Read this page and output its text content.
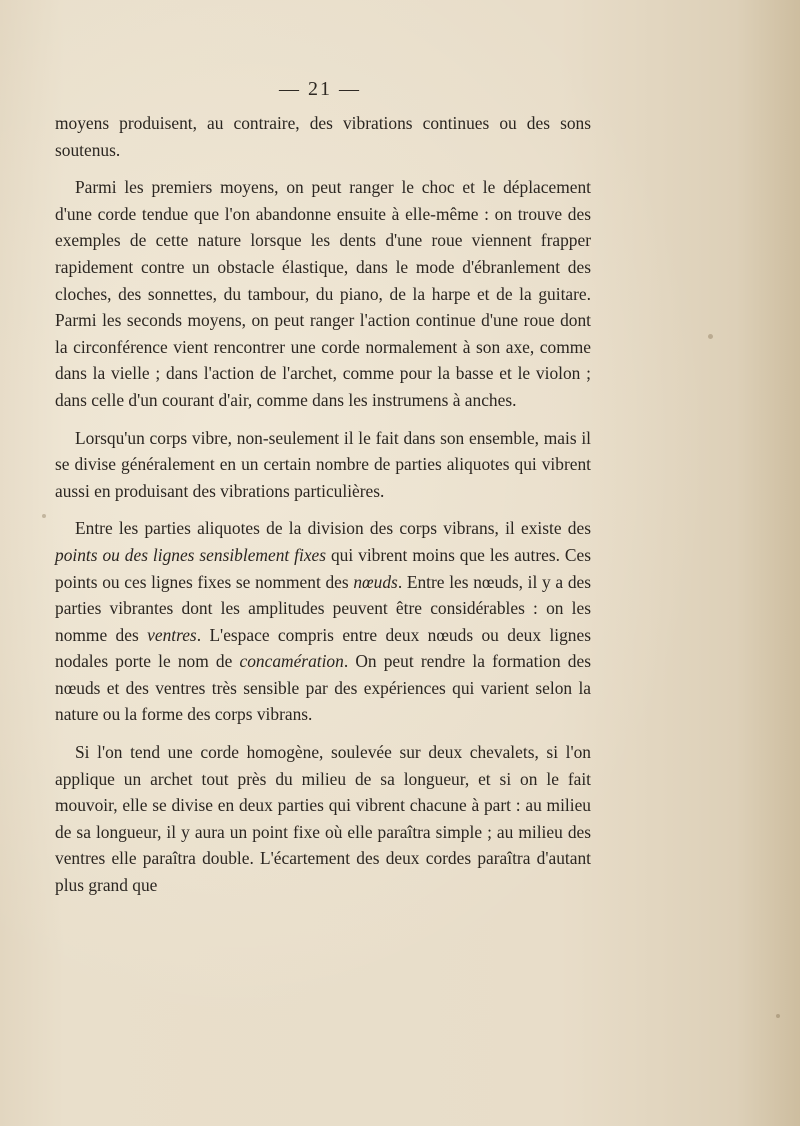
— 21 —

moyens produisent, au contraire, des vibrations continues ou des sons soutenus.

Parmi les premiers moyens, on peut ranger le choc et le déplacement d'une corde tendue que l'on abandonne ensuite à elle-même : on trouve des exemples de cette nature lorsque les dents d'une roue viennent frapper rapidement contre un obstacle élastique, dans le mode d'ébranlement des cloches, des sonnettes, du tambour, du piano, de la harpe et de la guitare. Parmi les seconds moyens, on peut ranger l'action continue d'une roue dont la circonférence vient rencontrer une corde normalement à son axe, comme dans la vielle ; dans l'action de l'archet, comme pour la basse et le violon ; dans celle d'un courant d'air, comme dans les instrumens à anches.

Lorsqu'un corps vibre, non-seulement il le fait dans son ensemble, mais il se divise généralement en un certain nombre de parties aliquotes qui vibrent aussi en produisant des vibrations particulières.

Entre les parties aliquotes de la division des corps vibrans, il existe des points ou des lignes sensiblement fixes qui vibrent moins que les autres. Ces points ou ces lignes fixes se nomment des nœuds. Entre les nœuds, il y a des parties vibrantes dont les amplitudes peuvent être considérables : on les nomme des ventres. L'espace compris entre deux nœuds ou deux lignes nodales porte le nom de concamération. On peut rendre la formation des nœuds et des ventres très sensible par des expériences qui varient selon la nature ou la forme des corps vibrans.

Si l'on tend une corde homogène, soulevée sur deux chevalets, si l'on applique un archet tout près du milieu de sa longueur, et si on le fait mouvoir, elle se divise en deux parties qui vibrent chacune à part : au milieu de sa longueur, il y aura un point fixe où elle paraîtra simple ; au milieu des ventres elle paraîtra double. L'écartement des deux cordes paraîtra d'autant plus grand que
